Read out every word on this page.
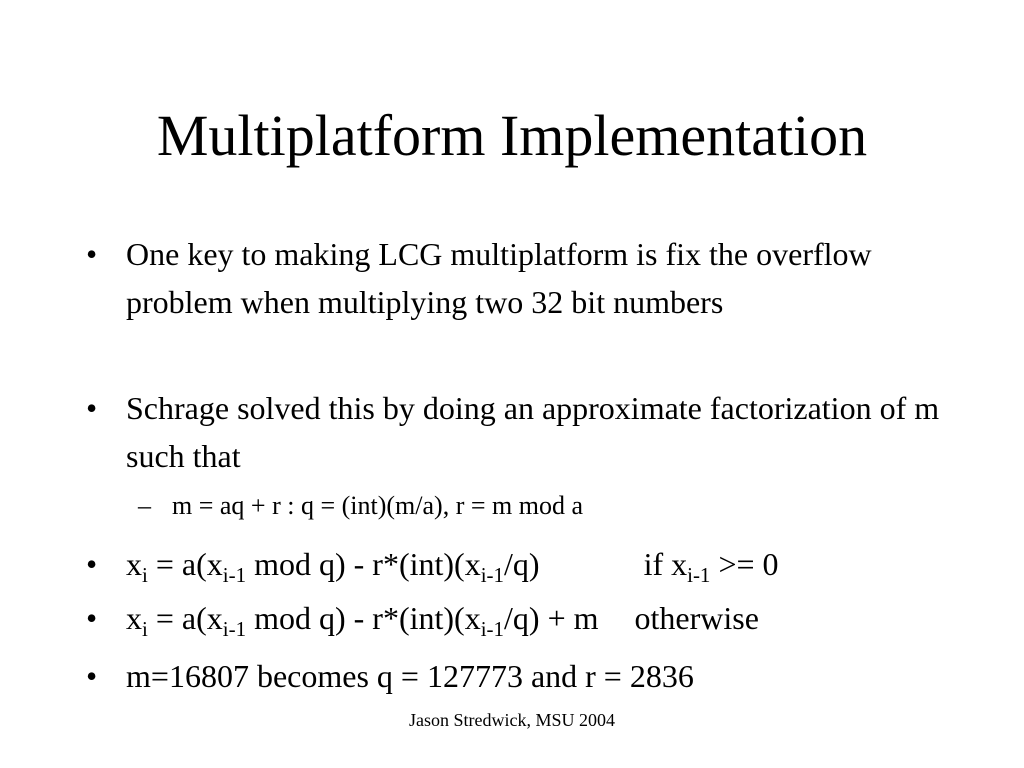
Multiplatform Implementation
• One key to making LCG multiplatform is fix the overflow problem when multiplying two 32 bit numbers
• Schrage solved this by doing an approximate factorization of m such that
– m = aq + r : q = (int)(m/a), r = m mod a
• $x_i = a(x_{i-1}$ mod $q) - r*(int)(x_{i-1}/q)$	if $x_{i-1} >= 0$
• $x_i = a(x_{i-1}$ mod $q) - r*(int)(x_{i-1}/q) + m$ otherwise
• m=16807 becomes q = 127773 and r = 2836
Jason Stredwick, MSU 2004
